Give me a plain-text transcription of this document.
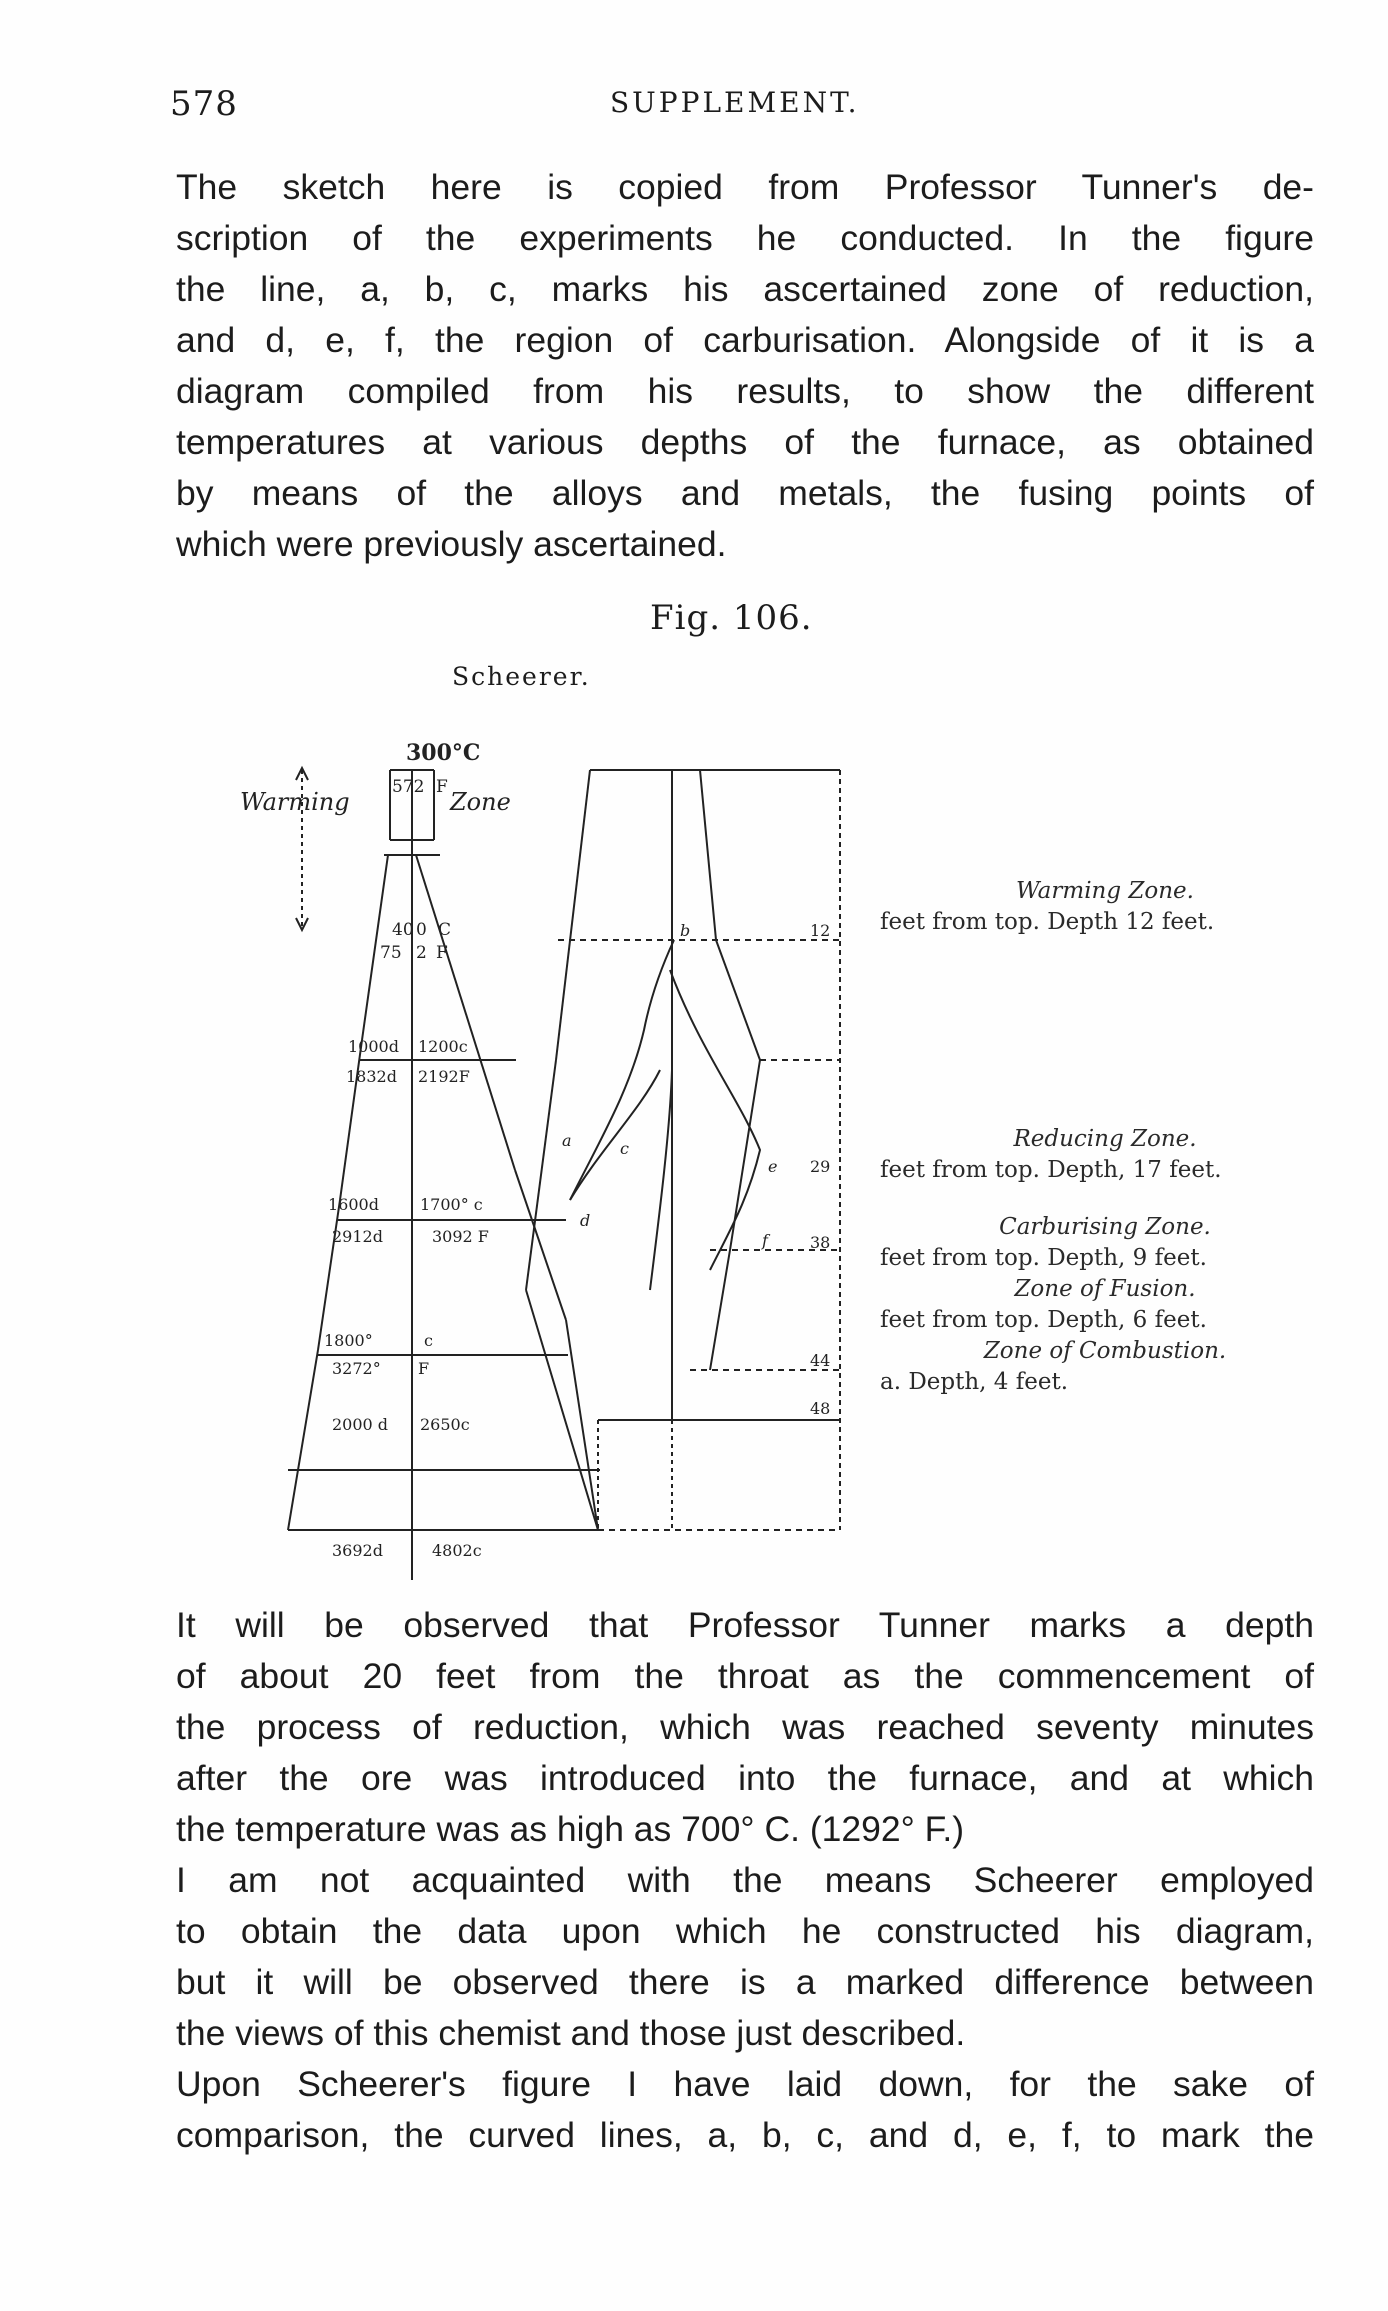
578	SUPPLEMENT.
The sketch here is copied from Professor Tunner's de-
scription of the experiments he conducted. In the figure
the line, a, b, c, marks his ascertained zone of reduction,
and d, e, f, the region of carburisation. Alongside of it is a
diagram compiled from his results, to show the different
temperatures at various depths of the furnace, as obtained
by means of the alloys and metals, the fusing points of
which were previously ascertained.
Fig. 106.
Scheerer.
300°C
Warming	Zone
572 F
40 0 C
75 2 F
1000d 1200c
1832d 2192F
1600d	1700° c
2912d	3092 F
1800°	c
3272° F
2000 d 2650c
3692d	4802c
a
b
c
d
e
f
12
29
38
44
48
Warming Zone.
feet from top. Depth 12 feet.
Reducing Zone.
feet from top. Depth, 17 feet.
Carburising Zone.
feet from top. Depth, 9 feet.
Zone of Fusion.
feet from top. Depth, 6 feet.
Zone of Combustion.
a. Depth, 4 feet.
It will be observed that Professor Tunner marks a depth
of about 20 feet from the throat as the commencement of
the process of reduction, which was reached seventy minutes
after the ore was introduced into the furnace, and at which
the temperature was as high as 700° C. (1292° F.)
I am not acquainted with the means Scheerer employed
to obtain the data upon which he constructed his diagram,
but it will be observed there is a marked difference between
the views of this chemist and those just described.
Upon Scheerer's figure I have laid down, for the sake of
comparison, the curved lines, a, b, c, and d, e, f, to mark the
